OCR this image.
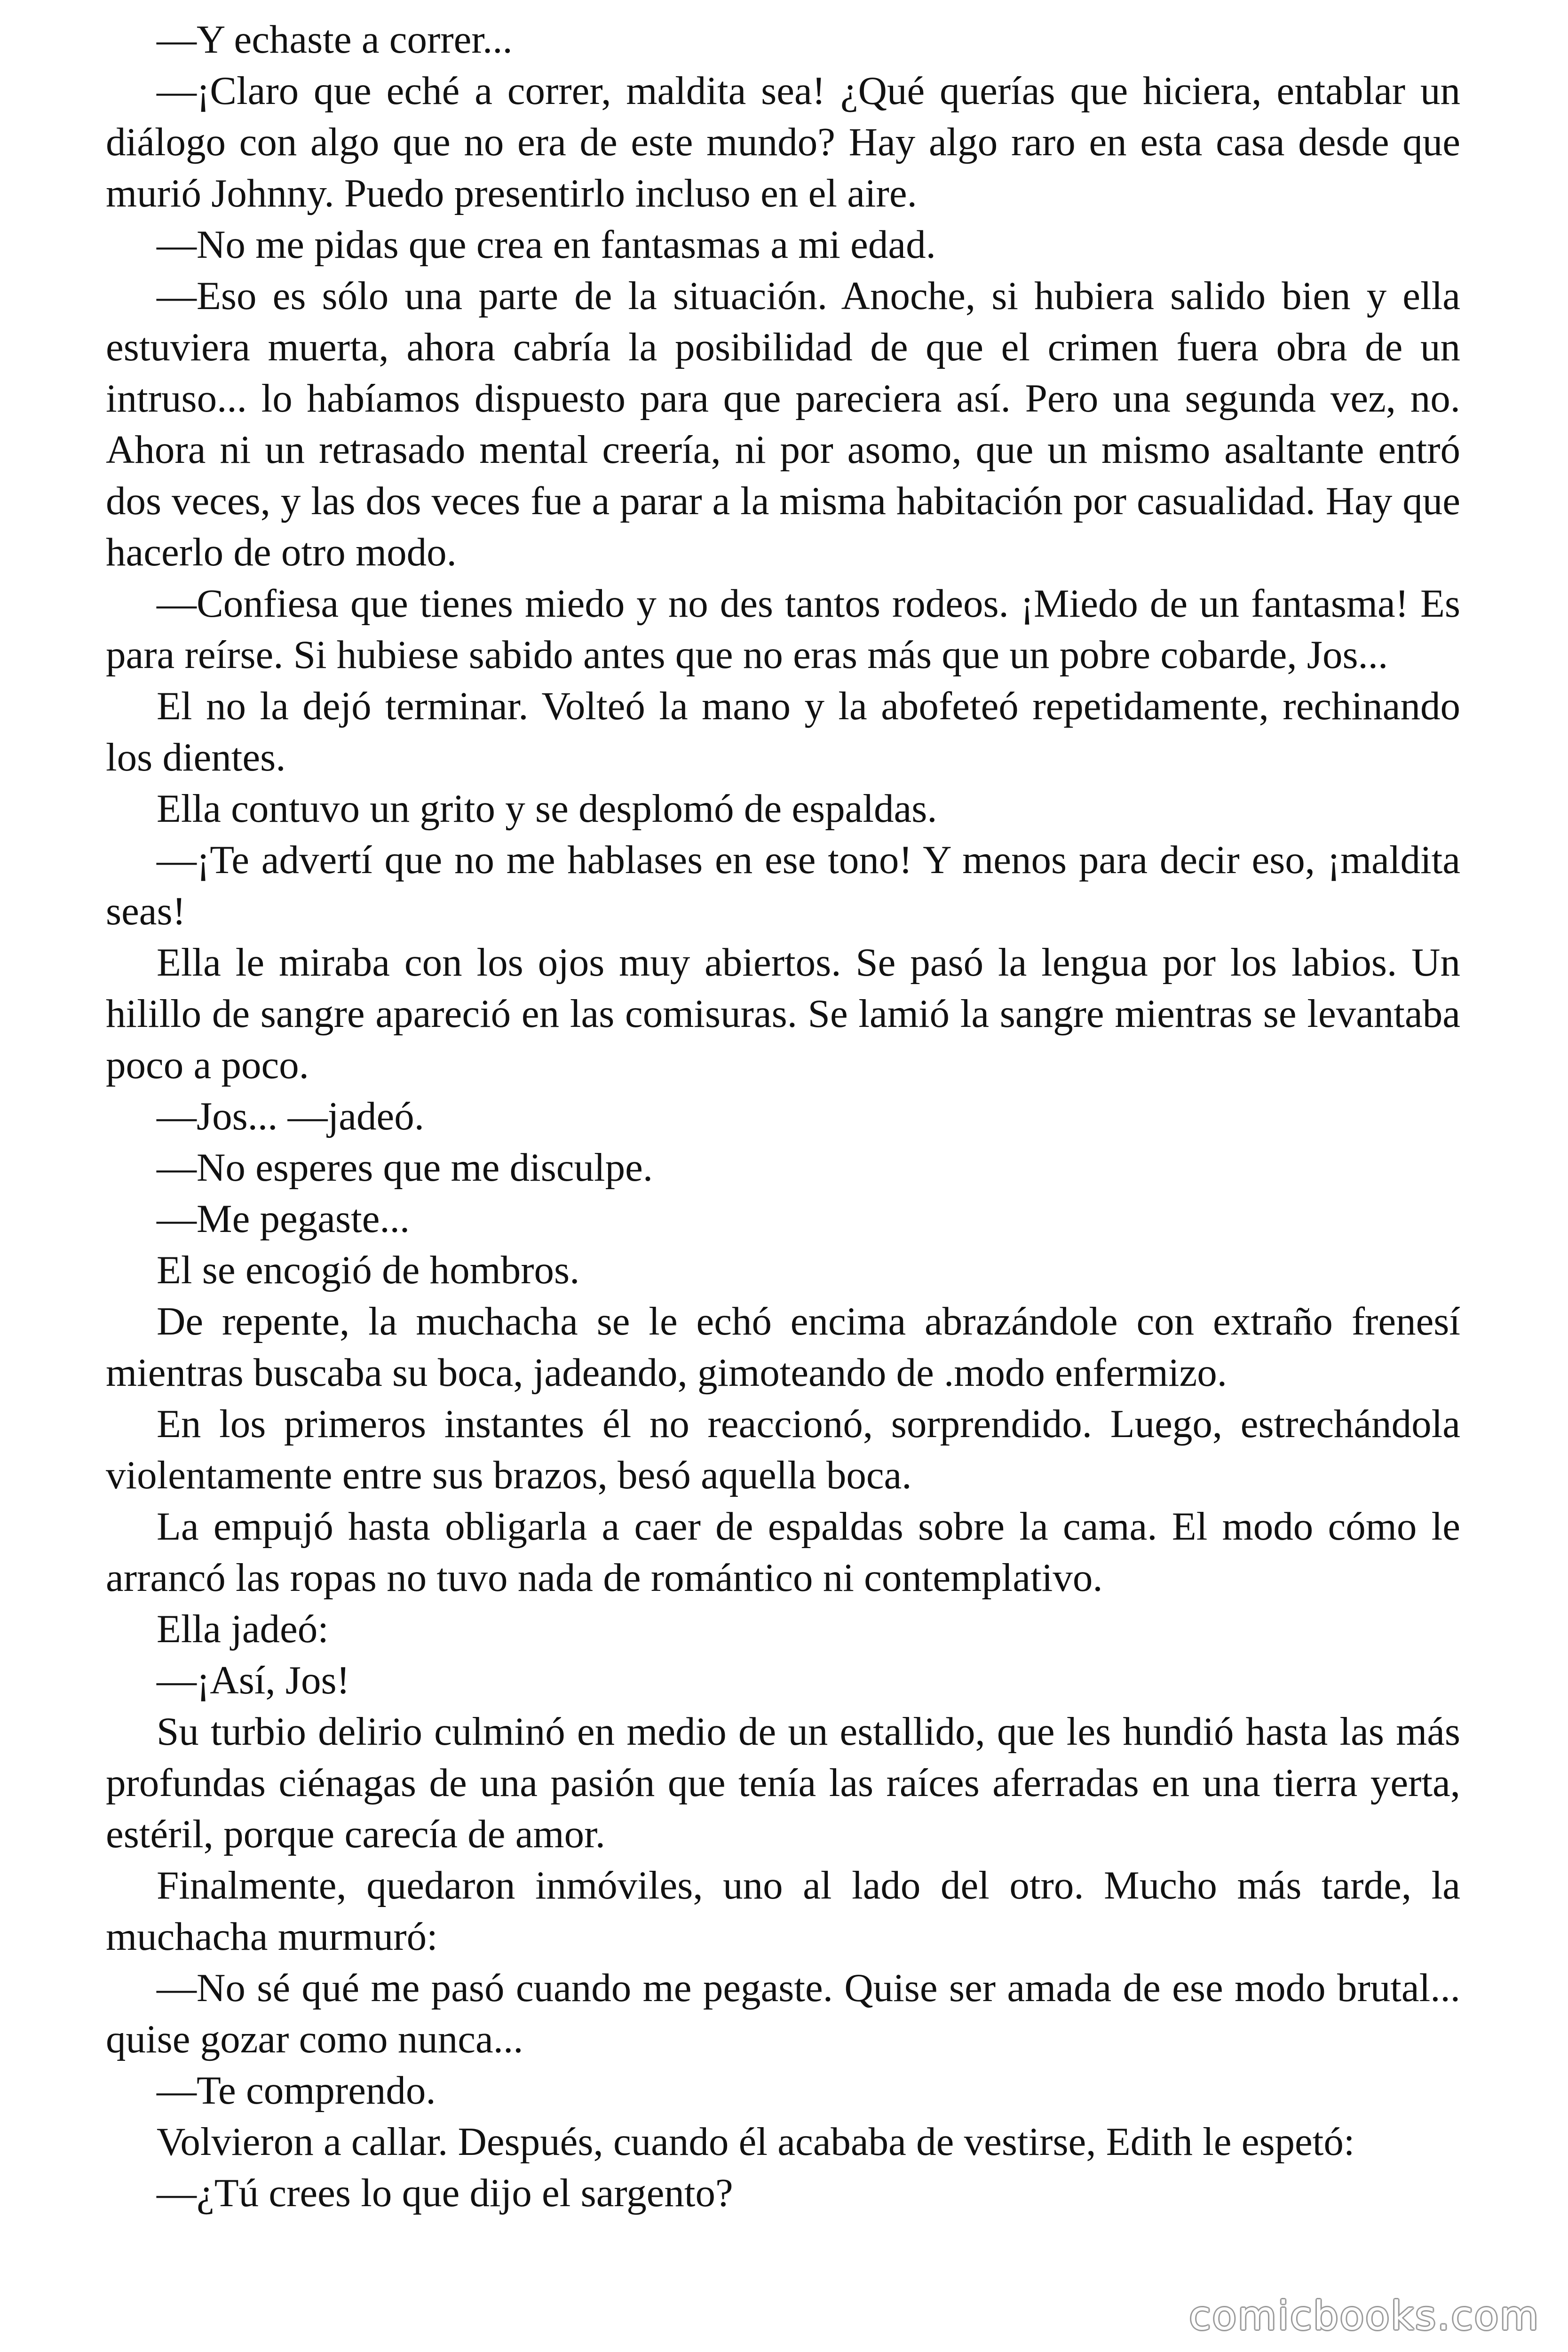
—Y echaste a correr...

—¡Claro que eché a correr, maldita sea! ¿Qué querías que hiciera, entablar un diálogo con algo que no era de este mundo? Hay algo raro en esta casa desde que murió Johnny. Puedo presentirlo incluso en el aire.

—No me pidas que crea en fantasmas a mi edad.

—Eso es sólo una parte de la situación. Anoche, si hubiera salido bien y ella estuviera muerta, ahora cabría la posibilidad de que el crimen fuera obra de un intruso... lo habíamos dispuesto para que pareciera así. Pero una segunda vez, no. Ahora ni un retrasado mental creería, ni por asomo, que un mismo asaltante entró dos veces, y las dos veces fue a parar a la misma habitación por casualidad. Hay que hacerlo de otro modo.

—Confiesa que tienes miedo y no des tantos rodeos. ¡Miedo de un fantasma! Es para reírse. Si hubiese sabido antes que no eras más que un pobre cobarde, Jos...

El no la dejó terminar. Volteó la mano y la abofeteó repetidamente, rechinando los dientes.

Ella contuvo un grito y se desplomó de espaldas.

—¡Te advertí que no me hablases en ese tono! Y menos para decir eso, ¡maldita seas!

Ella le miraba con los ojos muy abiertos. Se pasó la lengua por los labios. Un hilillo de sangre apareció en las comisuras. Se lamió la sangre mientras se levantaba poco a poco.

—Jos... —jadeó.

—No esperes que me disculpe.

—Me pegaste...

El se encogió de hombros.

De repente, la muchacha se le echó encima abrazándole con extraño frenesí mientras buscaba su boca, jadeando, gimoteando de .modo enfermizo.

En los primeros instantes él no reaccionó, sorprendido. Luego, estrechándola violentamente entre sus brazos, besó aquella boca.

La empujó hasta obligarla a caer de espaldas sobre la cama. El modo cómo le arrancó las ropas no tuvo nada de romántico ni contemplativo.

Ella jadeó:

—¡Así, Jos!

Su turbio delirio culminó en medio de un estallido, que les hundió hasta las más profundas ciénagas de una pasión que tenía las raíces aferradas en una tierra yerta, estéril, porque carecía de amor.

Finalmente, quedaron inmóviles, uno al lado del otro. Mucho más tarde, la muchacha murmuró:

—No sé qué me pasó cuando me pegaste. Quise ser amada de ese modo brutal... quise gozar como nunca...

—Te comprendo.

Volvieron a callar. Después, cuando él acababa de vestirse, Edith le espetó:

—¿Tú crees lo que dijo el sargento?

comicbooks.com
